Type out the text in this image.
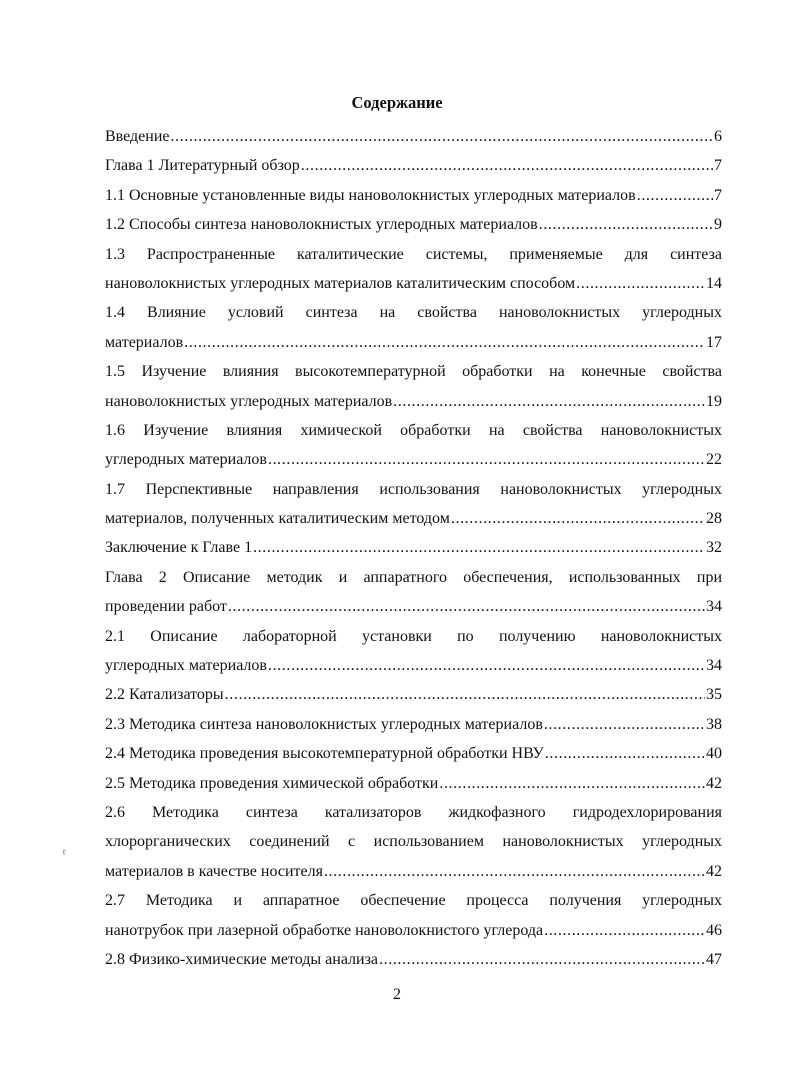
Содержание
Введение .....	6
Глава 1 Литературный обзор .....	7
1.1 Основные установленные виды нановолокнистых углеродных материалов .....	7
1.2 Способы синтеза нановолокнистых углеродных материалов .....	9
1.3 Распространенные каталитические системы, применяемые для синтеза
нановолокнистых углеродных материалов каталитическим способом .....	14
1.4 Влияние условий синтеза на свойства нановолокнистых углеродных
материалов .....	17
1.5 Изучение влияния высокотемпературной обработки на конечные свойства
нановолокнистых углеродных материалов .....	19
1.6 Изучение влияния химической обработки на свойства нановолокнистых
углеродных материалов .....	22
1.7 Перспективные направления использования нановолокнистых углеродных
материалов, полученных каталитическим методом .....	28
Заключение к Главе 1 .....	32
Глава 2 Описание методик и аппаратного обеспечения, использованных при
проведении работ .....	34
2.1 Описание лабораторной установки по получению нановолокнистых
углеродных материалов .....	34
2.2 Катализаторы .....	35
2.3 Методика синтеза нановолокнистых углеродных материалов .....	38
2.4 Методика проведения высокотемпературной обработки НВУ .....	40
2.5 Методика проведения химической обработки .....	42
2.6 Методика синтеза катализаторов жидкофазного гидродехлорирования
хлорорганических соединений с использованием нановолокнистых углеродных
материалов в качестве носителя .....	42
2.7 Методика и аппаратное обеспечение процесса получения углеродных
нанотрубок при лазерной обработке нановолокнистого углерода .....	46
2.8 Физико-химические методы анализа .....	47
2
ℓ
